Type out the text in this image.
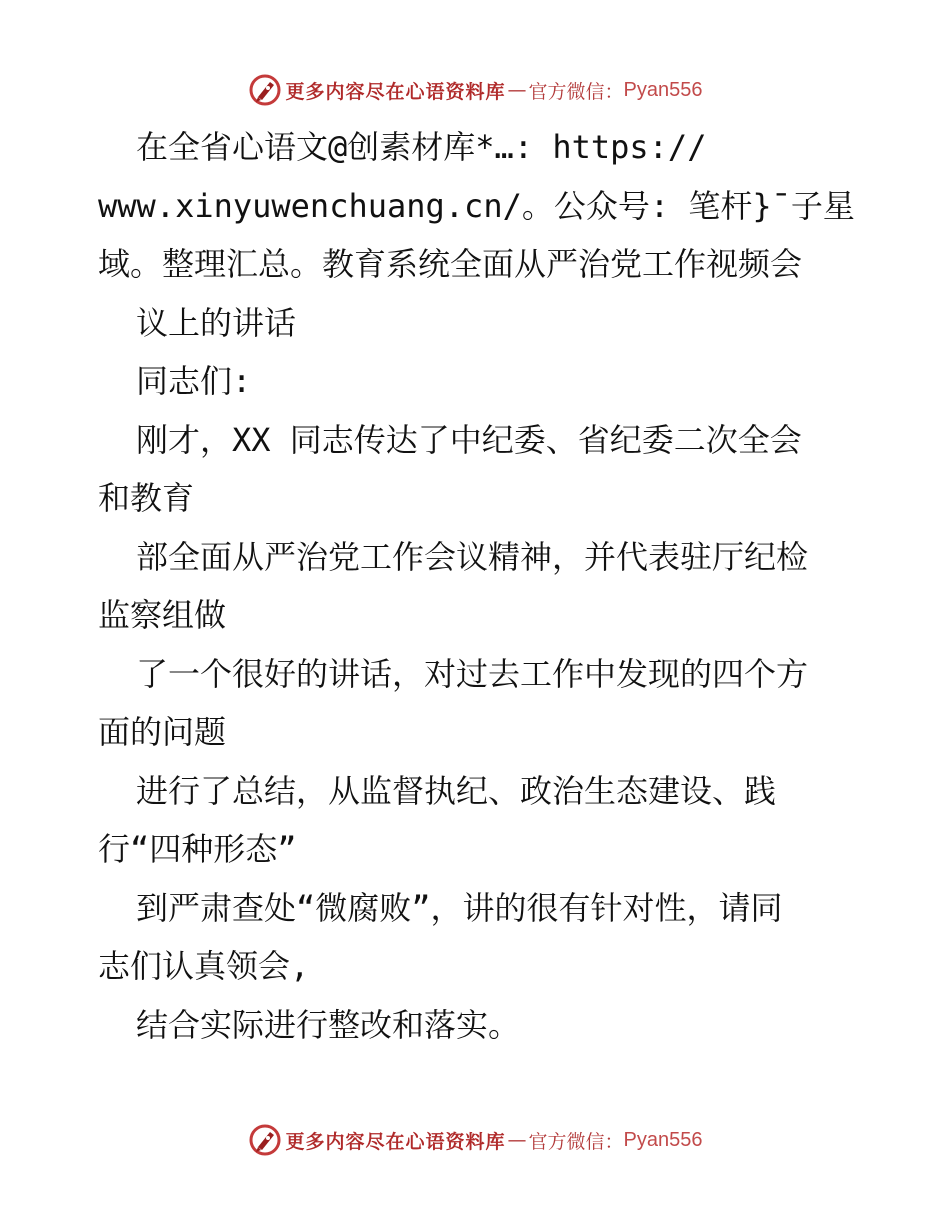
更多内容尽在心语资料库 — 官方微信： Pyan556
在全省心语文@创素材库*…: https://
www.xinyuwenchuang.cn/。公众号: 笔杆}¯子星
域。整理汇总。教育系统全面从严治党工作视频会
议上的讲话
同志们:
刚才，XX 同志传达了中纪委、省纪委二次全会
和教育
部全面从严治党工作会议精神，并代表驻厅纪检
监察组做
了一个很好的讲话，对过去工作中发现的四个方
面的问题
进行了总结，从监督执纪、政治生态建设、践
行“四种形态”
到严肃查处“微腐败”，讲的很有针对性，请同
志们认真领会,
结合实际进行整改和落实。
更多内容尽在心语资料库 — 官方微信： Pyan556
